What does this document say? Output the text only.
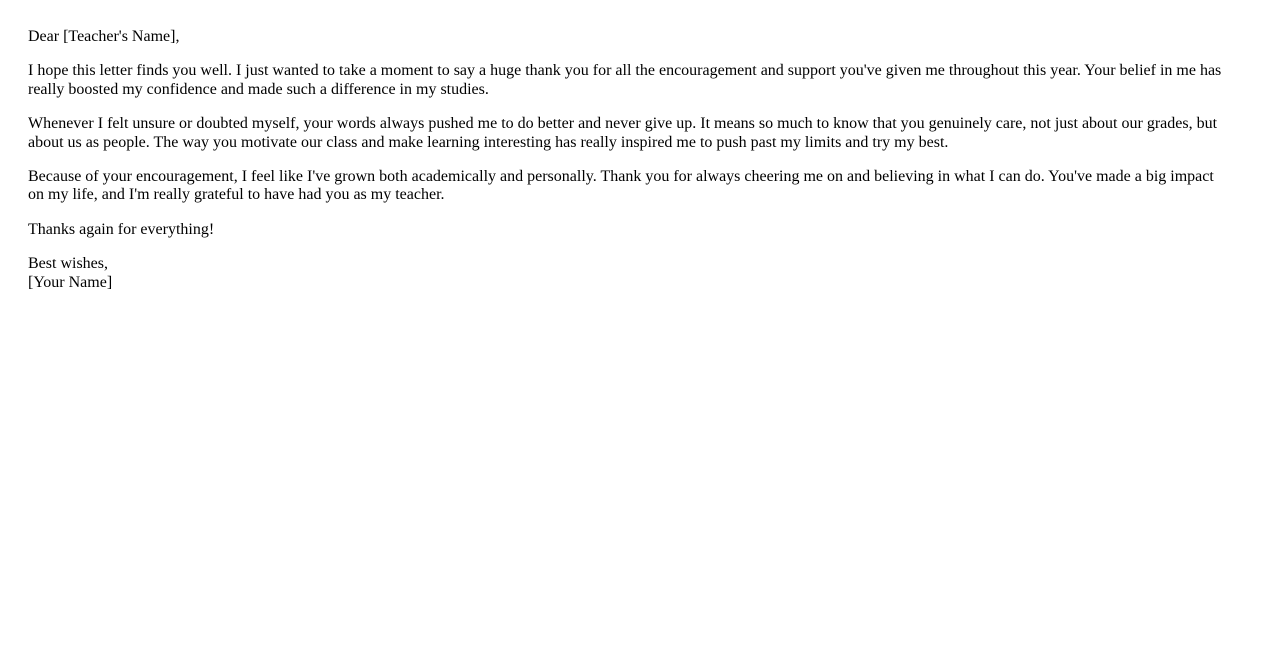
Dear [Teacher's Name],

I hope this letter finds you well. I just wanted to take a moment to say a huge thank you for all the encouragement and support you've given me throughout this year. Your belief in me has really boosted my confidence and made such a difference in my studies.

Whenever I felt unsure or doubted myself, your words always pushed me to do better and never give up. It means so much to know that you genuinely care, not just about our grades, but about us as people. The way you motivate our class and make learning interesting has really inspired me to push past my limits and try my best.

Because of your encouragement, I feel like I've grown both academically and personally. Thank you for always cheering me on and believing in what I can do. You've made a big impact on my life, and I'm really grateful to have had you as my teacher.

Thanks again for everything!

Best wishes,
[Your Name]
